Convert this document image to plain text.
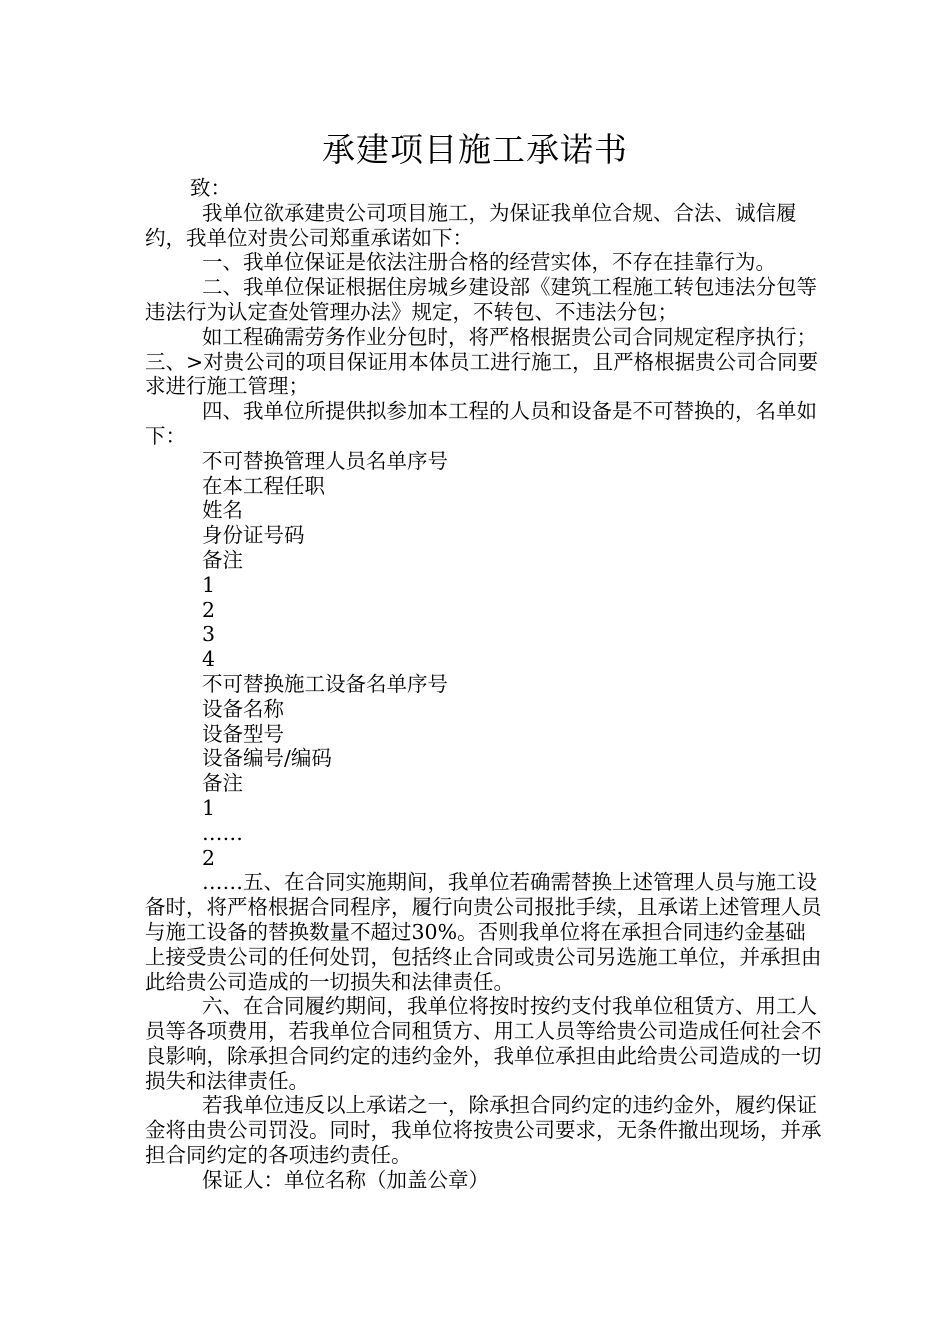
承建项目施工承诺书

致：

我单位欲承建贵公司项目施工，为保证我单位合规、合法、诚信履约，我单位对贵公司郑重承诺如下：

一、我单位保证是依法注册合格的经营实体，不存在挂靠行为。

二、我单位保证根据住房城乡建设部《建筑工程施工转包违法分包等违法行为认定查处管理办法》规定，不转包、不违法分包；

如工程确需劳务作业分包时，将严格根据贵公司合同规定程序执行；三、>对贵公司的项目保证用本体员工进行施工，且严格根据贵公司合同要求进行施工管理；

四、我单位所提供拟参加本工程的人员和设备是不可替换的，名单如下：

不可替换管理人员名单序号

在本工程任职

姓名

身份证号码

备注

1

2

3

4

不可替换施工设备名单序号

设备名称

设备型号

设备编号/编码

备注

1

……

2

……五、在合同实施期间，我单位若确需替换上述管理人员与施工设备时，将严格根据合同程序，履行向贵公司报批手续，且承诺上述管理人员与施工设备的替换数量不超过30%。否则我单位将在承担合同违约金基础上接受贵公司的任何处罚，包括终止合同或贵公司另选施工单位，并承担由此给贵公司造成的一切损失和法律责任。

六、在合同履约期间，我单位将按时按约支付我单位租赁方、用工人员等各项费用，若我单位合同租赁方、用工人员等给贵公司造成任何社会不良影响，除承担合同约定的违约金外，我单位承担由此给贵公司造成的一切损失和法律责任。

若我单位违反以上承诺之一，除承担合同约定的违约金外，履约保证金将由贵公司罚没。同时，我单位将按贵公司要求，无条件撤出现场，并承担合同约定的各项违约责任。

保证人：单位名称（加盖公章）
